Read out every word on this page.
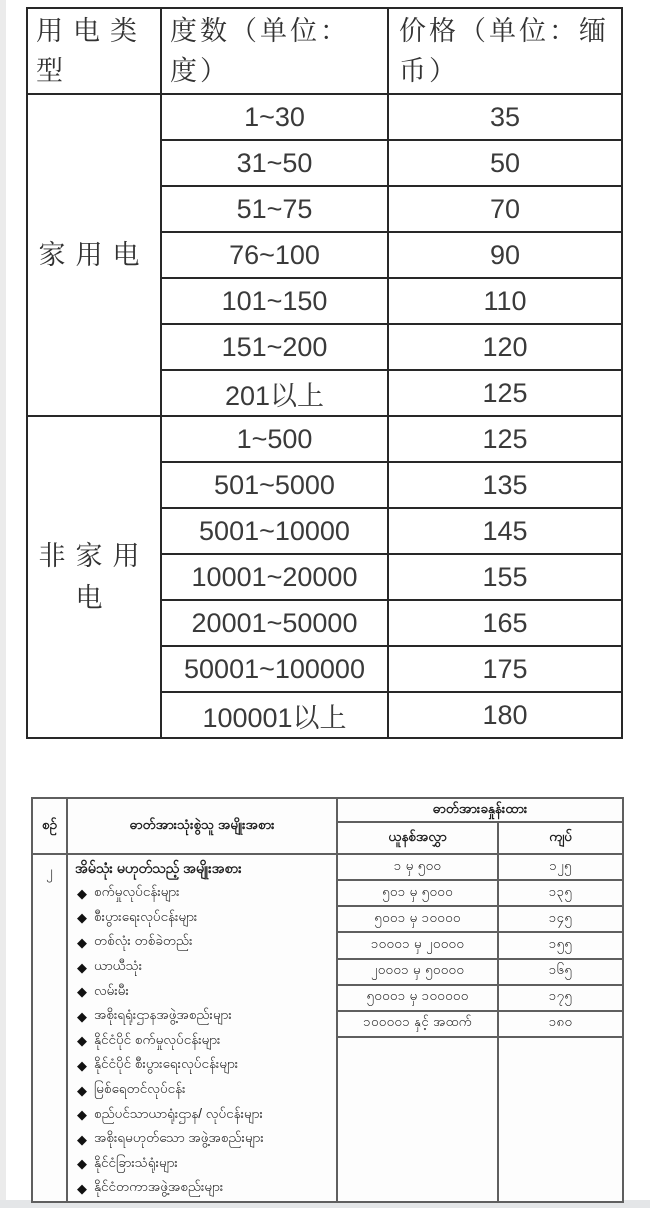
用电类型	度数（单位：度）	价格（单位：缅币）
家用电	1~30	35
	31~50	50
	51~75	70
	76~100	90
	101~150	110
	151~200	120
	201以上	125
非家用电	1~500	125
	501~5000	135
	5001~10000	145
	10001~20000	155
	20001~50000	165
	50001~100000	175
	100001以上	180
စဉ်	ဓာတ်အားသုံးစွဲသူ အမျိုးအစား	ဓာတ်အားခနှုန်းထား	
		ယူနစ်အလွှာ	ကျပ်
၂	အိမ်သုံး မဟုတ်သည့် အမျိုးအစား
◆ စက်မှုလုပ်ငန်းများ
◆ စီးပွားရေးလုပ်ငန်းများ
◆ တစ်လုံး တစ်ခဲတည်း
◆ ယာယီသုံး
◆ လမ်းမီး
◆ အစိုးရရုံးဌာနအဖွဲ့အစည်းများ
◆ နိုင်ငံပိုင် စက်မှုလုပ်ငန်းများ
◆ နိုင်ငံပိုင် စီးပွားရေးလုပ်ငန်းများ
◆ မြစ်ရေတင်လုပ်ငန်း
◆ စည်ပင်သာယာရုံးဌာန/ လုပ်ငန်းများ
◆ အစိုးရမဟုတ်သော အဖွဲ့အစည်းများ
◆ နိုင်ငံခြားသံရုံးများ
◆ နိုင်ငံတကာအဖွဲ့အစည်းများ
	၁ မှ ၅၀၀	၁၂၅
		၅၀၁ မှ ၅၀၀၀	၁၃၅
		၅၀၀၁ မှ ၁၀၀၀၀	၁၄၅
		၁၀၀၀၁ မှ ၂၀၀၀၀	၁၅၅
		၂၀၀၀၁ မှ ၅၀၀၀၀	၁၆၅
		၅၀၀၀၁ မှ ၁၀၀၀၀၀	၁၇၅
		၁၀၀၀၀၁ နှင့် အထက်	၁၈၀
